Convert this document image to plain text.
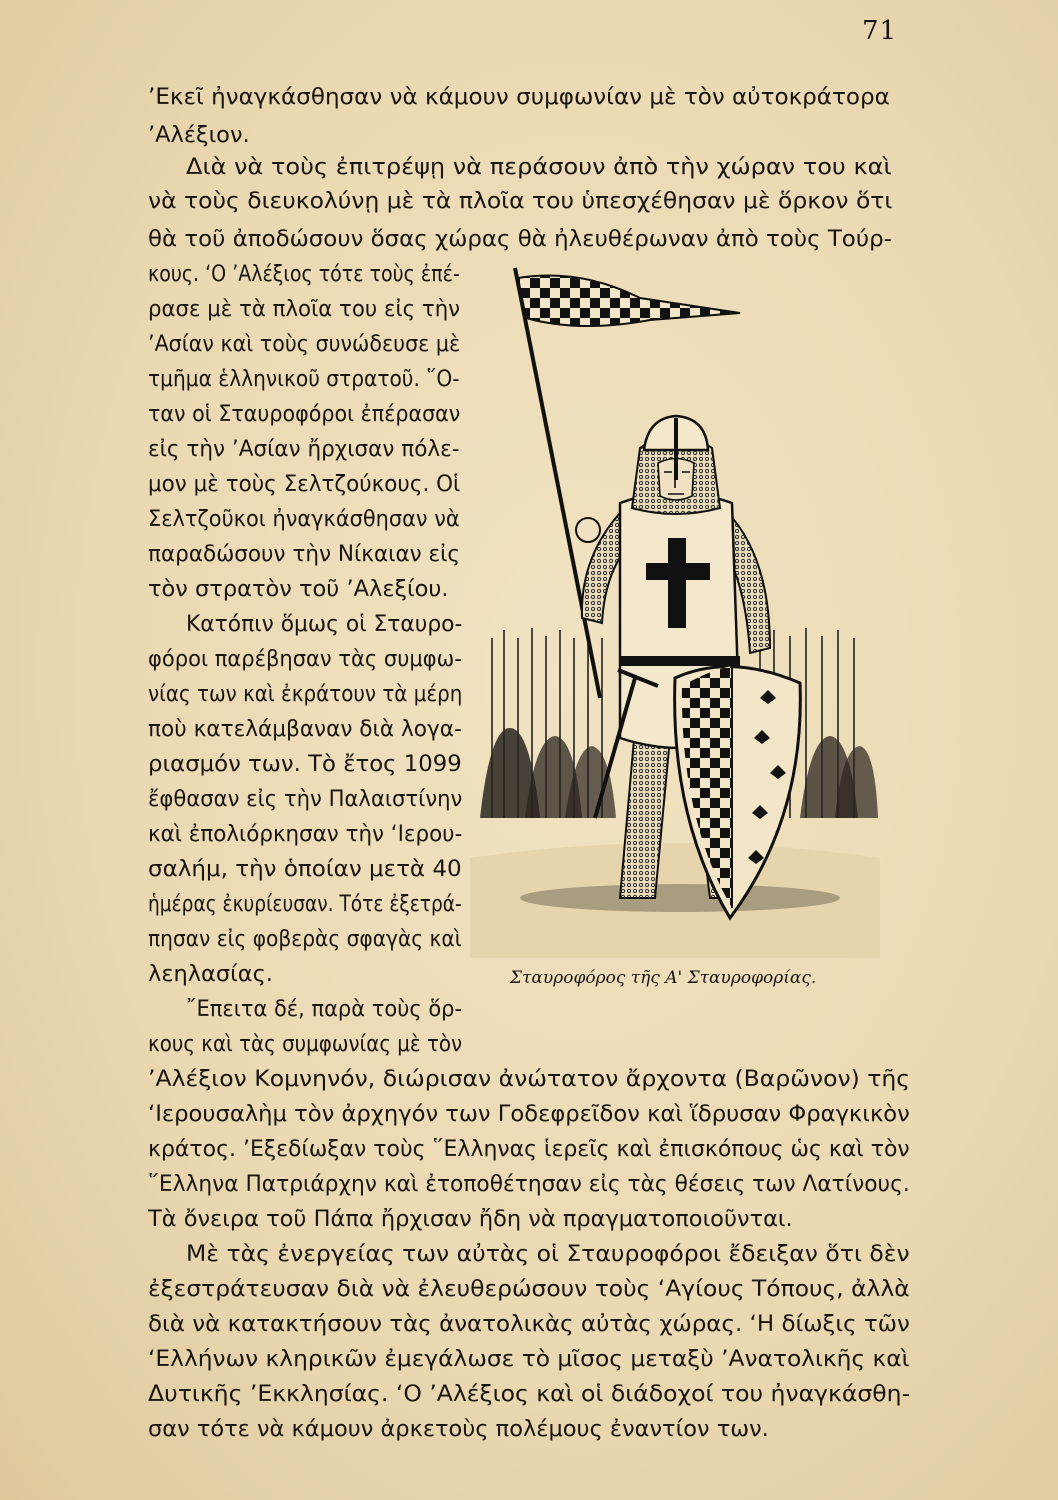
71
’Εκεῖ ἠναγκάσθησαν νὰ κάμουν συμφωνίαν μὲ τὸν αὐτοκράτορα
’Αλέξιον.
Διὰ νὰ τοὺς ἐπιτρέψῃ νὰ περάσουν ἀπὸ τὴν χώραν του καὶ
νὰ τοὺς διευκολύνῃ μὲ τὰ πλοῖα του ὑπεσχέθησαν μὲ ὅρκον ὅτι
θὰ τοῦ ἀποδώσουν ὅσας χώρας θὰ ἠλευθέρωναν ἀπὸ τοὺς Τούρ-
κους. ‘Ο ’Αλέξιος τότε τοὺς ἐπέ-
ρασε μὲ τὰ πλοῖα του εἰς τὴν
’Ασίαν καὶ τοὺς συνώδευσε μὲ
τμῆμα ἑλληνικοῦ στρατοῦ. ῞Ο-
ταν οἱ Σταυροφόροι ἐπέρασαν
εἰς τὴν ’Ασίαν ἤρχισαν πόλε-
μον μὲ τοὺς Σελτζούκους. Οἱ
Σελτζοῦκοι ἠναγκάσθησαν νὰ
παραδώσουν τὴν Νίκαιαν εἰς
τὸν στρατὸν τοῦ ’Αλεξίου.
Κατόπιν ὅμως οἱ Σταυρο-
φόροι παρέβησαν τὰς συμφω-
νίας των καὶ ἐκράτουν τὰ μέρη
ποὺ κατελάμβαναν διὰ λογα-
ριασμόν των. Τὸ ἔτος 1099
ἔφθασαν εἰς τὴν Παλαιστίνην
καὶ ἐπολιόρκησαν τὴν ‘Ιερου-
σαλήμ, τὴν ὁποίαν μετὰ 40
ἡμέρας ἐκυρίευσαν. Τότε ἐξετρά-
πησαν εἰς φοβερὰς σφαγὰς καὶ
λεηλασίας.
῎Επειτα δέ, παρὰ τοὺς ὅρ-
κους καὶ τὰς συμφωνίας μὲ τὸν
’Αλέξιον Κομνηνόν, διώρισαν ἀνώτατον ἄρχοντα (Βαρῶνον) τῆς
‘Ιερουσαλὴμ τὸν ἀρχηγόν των Γοδεφρεῖδον καὶ ἵδρυσαν Φραγκικὸν
κράτος. ’Εξεδίωξαν τοὺς ῞Ελληνας ἱερεῖς καὶ ἐπισκόπους ὡς καὶ τὸν
῞Ελληνα Πατριάρχην καὶ ἐτοποθέτησαν εἰς τὰς θέσεις των Λατίνους.
Τὰ ὄνειρα τοῦ Πάπα ἤρχισαν ἤδη νὰ πραγματοποιοῦνται.
Μὲ τὰς ἐνεργείας των αὐτὰς οἱ Σταυροφόροι ἔδειξαν ὅτι δὲν
ἐξεστράτευσαν διὰ νὰ ἐλευθερώσουν τοὺς ‘Αγίους Τόπους, ἀλλὰ
διὰ νὰ κατακτήσουν τὰς ἀνατολικὰς αὐτὰς χώρας. ‘Η δίωξις τῶν
‘Ελλήνων κληρικῶν ἐμεγάλωσε τὸ μῖσος μεταξὺ ’Ανατολικῆς καὶ
Δυτικῆς ’Εκκλησίας. ‘Ο ’Αλέξιος καὶ οἱ διάδοχοί του ἠναγκάσθη-
σαν τότε νὰ κάμουν ἀρκετοὺς πολέμους ἐναντίον των.
Σταυροφόρος τῆς Α' Σταυροφορίας.
